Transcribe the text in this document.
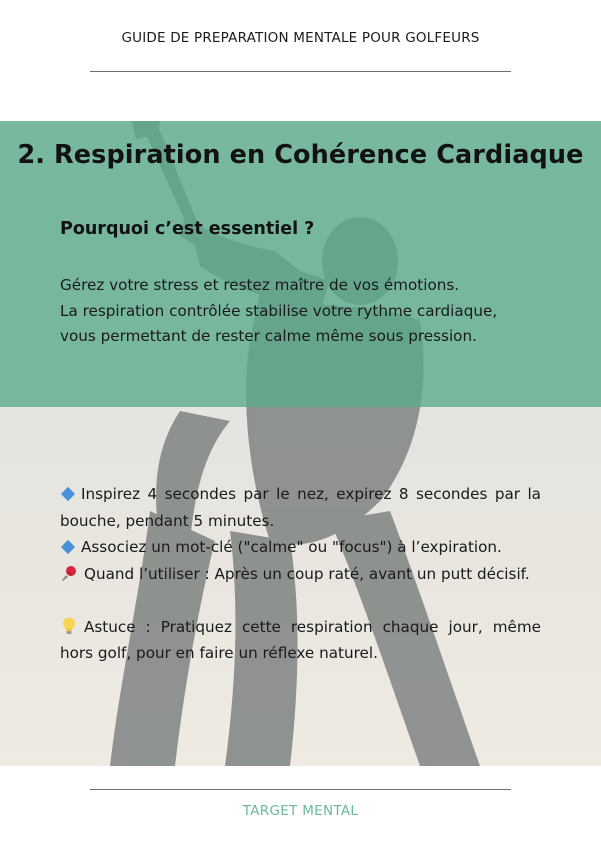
GUIDE DE PREPARATION MENTALE POUR GOLFEURS
2. Respiration en Cohérence Cardiaque
Pourquoi c’est essentiel ?
Gérez votre stress et restez maître de vos émotions.
La respiration contrôlée stabilise votre rythme cardiaque,
vous permettant de rester calme même sous pression.
Inspirez 4 secondes par le nez, expirez 8 secondes par la bouche, pendant 5 minutes.
Associez un mot-clé ("calme" ou "focus") à l’expiration.
Quand l’utiliser : Après un coup raté, avant un putt décisif.
Astuce : Pratiquez cette respiration chaque jour, même hors golf, pour en faire un réflexe naturel.
TARGET MENTAL
